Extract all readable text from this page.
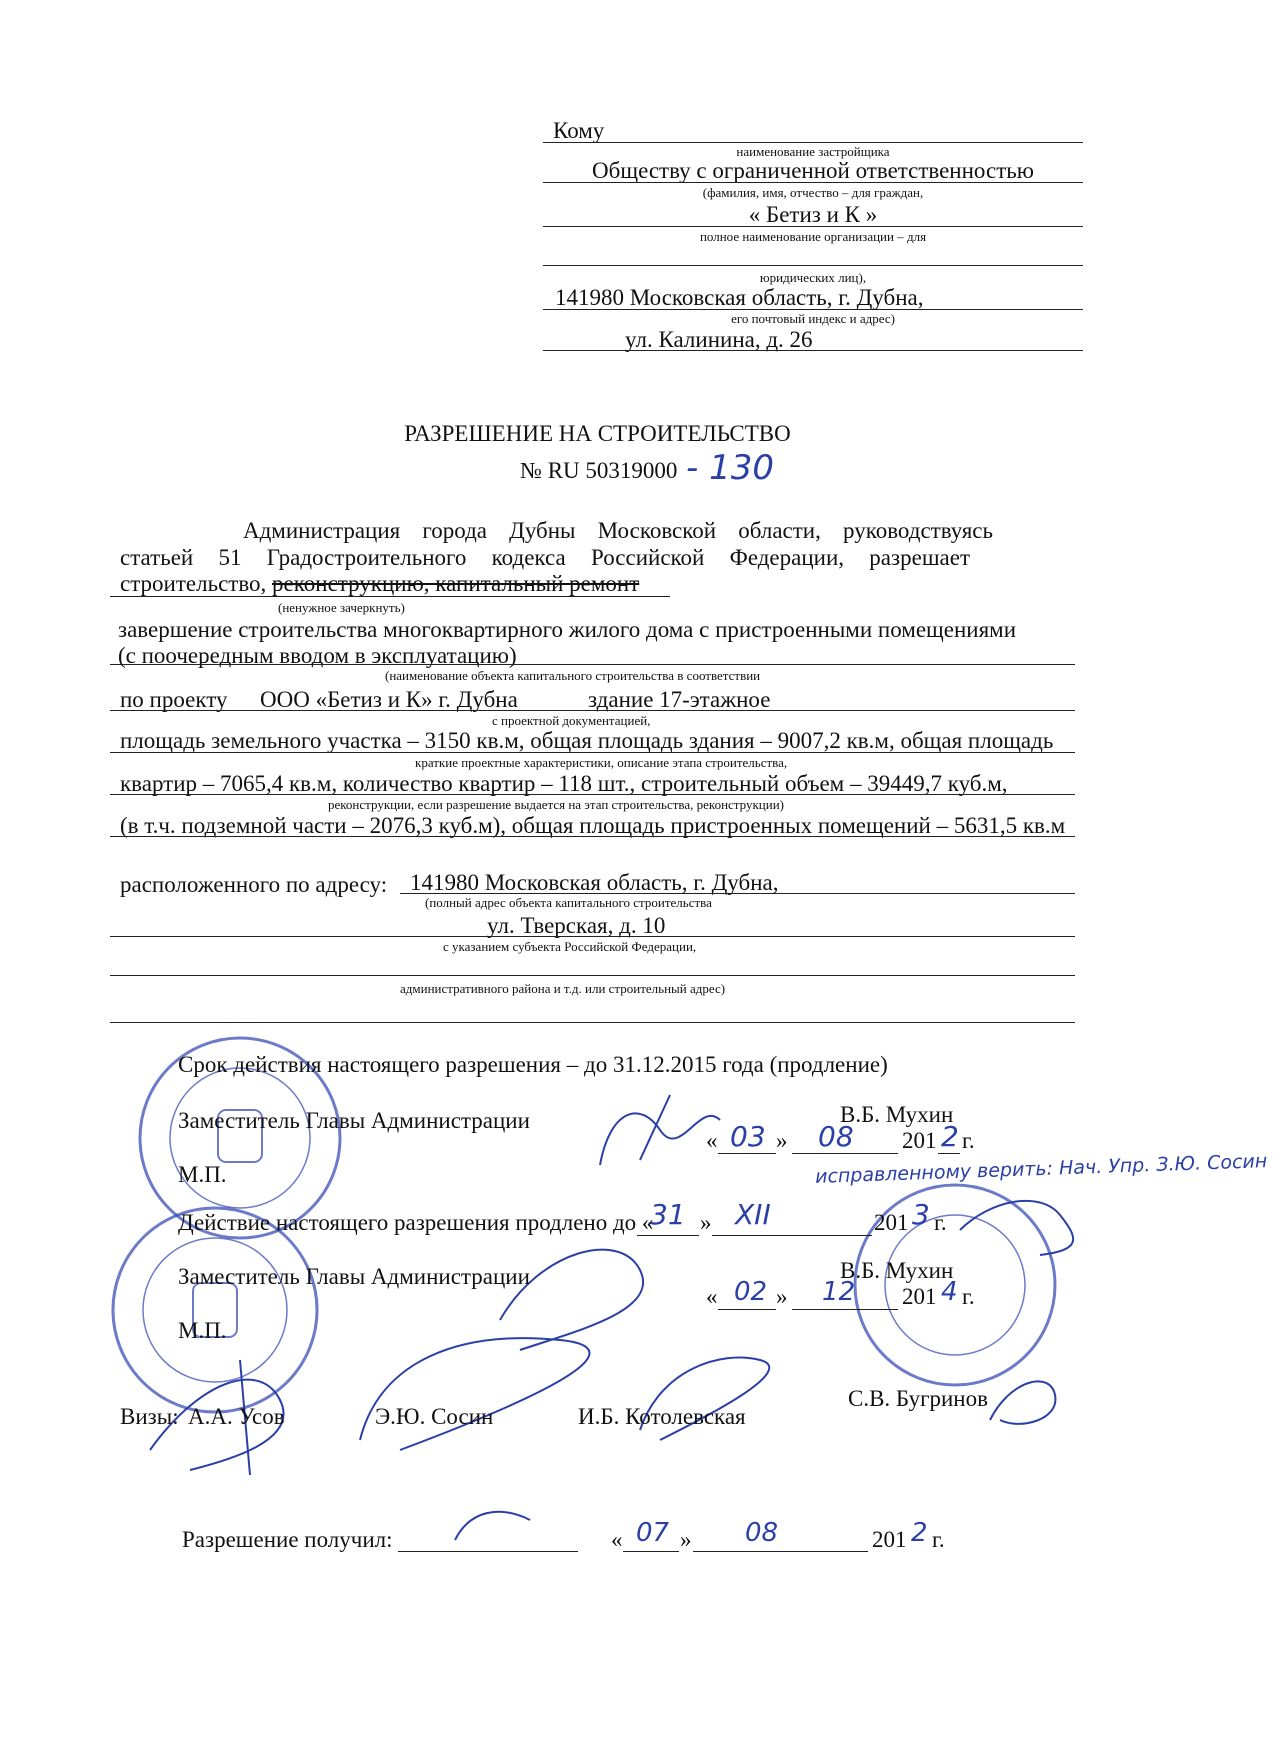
Кому
наименование застройщика
Обществу с ограниченной ответственностью
(фамилия, имя, отчество – для граждан,
« Бетиз и К »
полное наименование организации – для
юридических лиц),
141980 Московская область, г. Дубна,
его почтовый индекс и адрес)
ул. Калинина, д. 26
РАЗРЕШЕНИЕ НА СТРОИТЕЛЬСТВО
№ RU 50319000 - 130
Администрация города Дубны Московской области, руководствуясь
статьей 51 Градостроительного кодекса Российской Федерации, разрешает
строительство, реконструкцию, капитальный ремонт
(ненужное зачеркнуть)
завершение строительства многоквартирного жилого дома с пристроенными помещениями
(с поочередным вводом в эксплуатацию)
(наименование объекта капитального строительства в соответствии
по проекту ООО «Бетиз и К» г. Дубна	здание 17-этажное
с проектной документацией,
площадь земельного участка – 3150 кв.м, общая площадь здания – 9007,2 кв.м, общая площадь
краткие проектные характеристики, описание этапа строительства,
квартир – 7065,4 кв.м, количество квартир – 118 шт., строительный объем – 39449,7 куб.м,
реконструкции, если разрешение выдается на этап строительства, реконструкции)
(в т.ч. подземной части – 2076,3 куб.м), общая площадь пристроенных помещений – 5631,5 кв.м
расположенного по адресу: 141980 Московская область, г. Дубна,
(полный адрес объекта капитального строительства
ул. Тверская, д. 10
с указанием субъекта Российской Федерации,
административного района и т.д. или строительный адрес)
Срок действия настоящего разрешения – до 31.12.2015 года (продление)
Заместитель Главы Администрации	В.Б. Мухин
« 03 » 08 201 2 г.
М.П.	исправленному верить: Нач. Упр. З.Ю. Сосин
Действие настоящего разрешения продлено до «
31 » XII	201 3 г.
Заместитель Главы Администрации	В.Б. Мухин
« 02 » 12 201 4 г.
М.П.
Визы: А.А. Усов	Э.Ю. Сосин	И.Б. Котолевская
С.В. Бугринов
Разрешение получил:	« 07 » 08	201 2 г.
